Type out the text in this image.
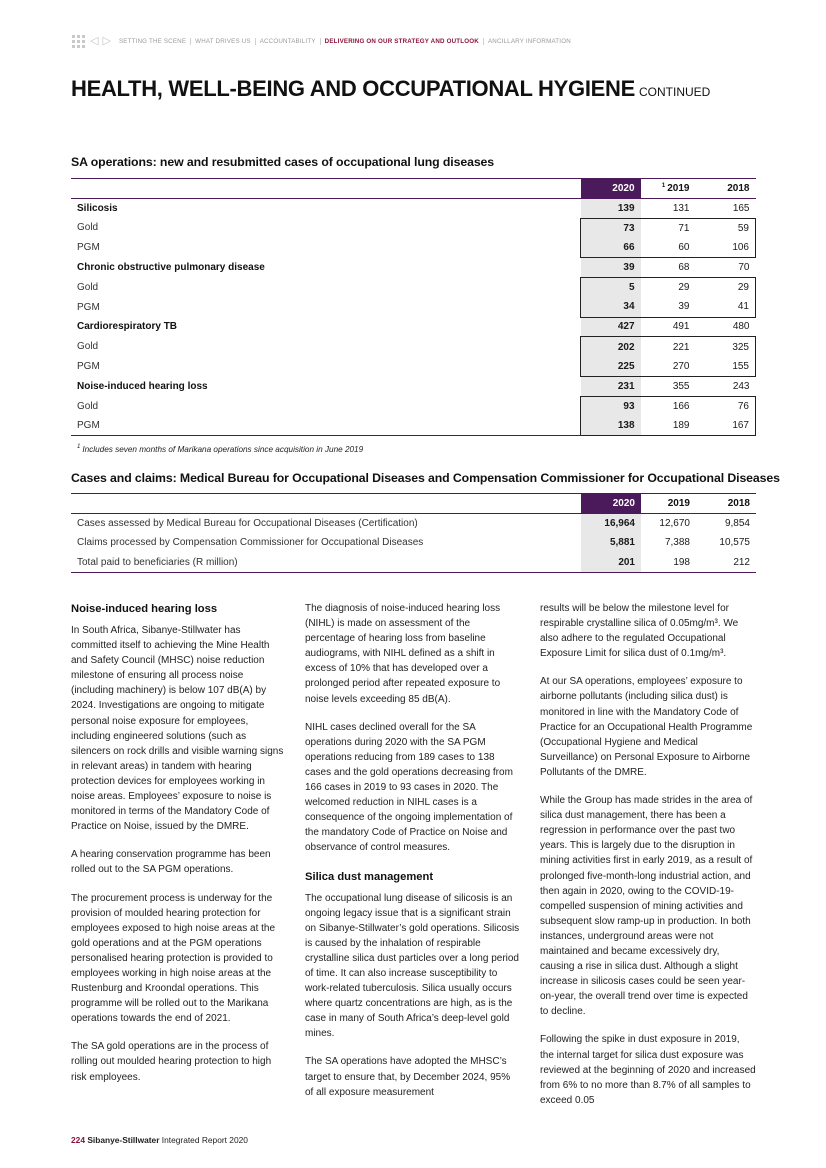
◁ ▷ SETTING THE SCENE	WHAT DRIVES US	ACCOUNTABILITY	DELIVERING ON OUR STRATEGY AND OUTLOOK	ANCILLARY INFORMATION
HEALTH, WELL-BEING AND OCCUPATIONAL HYGIENE CONTINUED
SA operations: new and resubmitted cases of occupational lung diseases
	2020	$^1$ 2019	2018
Silicosis	139	131	165
Gold	73	71	59
PGM	66	60	106
Chronic obstructive pulmonary disease	39	68	70
Gold	5	29	29
PGM	34	39	41
Cardiorespiratory TB	427	491	480
Gold	202	221	325
PGM	225	270	155
Noise-induced hearing loss	231	355	243
Gold	93	166	76
PGM	138	189	167
$^1$ Includes seven months of Marikana operations since acquisition in June 2019
Cases and claims: Medical Bureau for Occupational Diseases and Compensation Commissioner for Occupational Diseases
	2020	2019	2018
Cases assessed by Medical Bureau for Occupational Diseases (Certification)	16,964	12,670	9,854
Claims processed by Compensation Commissioner for Occupational Diseases	5,881	7,388	10,575
Total paid to beneficiaries (R million)	201	198	212
Noise-induced hearing loss

In South Africa, Sibanye-Stillwater has committed itself to achieving the Mine Health and Safety Council (MHSC) noise reduction milestone of ensuring all process noise (including machinery) is below 107 dB(A) by 2024. Investigations are ongoing to mitigate personal noise exposure for employees, including engineered solutions (such as silencers on rock drills and visible warning signs in relevant areas) in tandem with hearing protection devices for employees working in noise areas. Employees’ exposure to noise is monitored in terms of the Mandatory Code of Practice on Noise, issued by the DMRE.

A hearing conservation programme has been rolled out to the SA PGM operations.

The procurement process is underway for the provision of moulded hearing protection for employees exposed to high noise areas at the gold operations and at the PGM operations personalised hearing protection is provided to employees working in high noise areas at the Rustenburg and Kroondal operations. This programme will be rolled out to the Marikana operations towards the end of 2021.

The SA gold operations are in the process of rolling out moulded hearing protection to high risk employees.

The diagnosis of noise-induced hearing loss (NIHL) is made on assessment of the percentage of hearing loss from baseline audiograms, with NIHL defined as a shift in excess of 10% that has developed over a prolonged period after repeated exposure to noise levels exceeding 85 dB(A).

NIHL cases declined overall for the SA operations during 2020 with the SA PGM operations reducing from 189 cases to 138 cases and the gold operations decreasing from 166 cases in 2019 to 93 cases in 2020. The welcomed reduction in NIHL cases is a consequence of the ongoing implementation of the mandatory Code of Practice on Noise and observance of control measures.

Silica dust management

The occupational lung disease of silicosis is an ongoing legacy issue that is a significant strain on Sibanye-Stillwater’s gold operations. Silicosis is caused by the inhalation of respirable crystalline silica dust particles over a long period of time. It can also increase susceptibility to work-related tuberculosis. Silica usually occurs where quartz concentrations are high, as is the case in many of South Africa’s deep-level gold mines.

The SA operations have adopted the MHSC’s target to ensure that, by December 2024, 95% of all exposure measurement

results will be below the milestone level for respirable crystalline silica of 0.05mg/m³. We also adhere to the regulated Occupational Exposure Limit for silica dust of 0.1mg/m³.

At our SA operations, employees’ exposure to airborne pollutants (including silica dust) is monitored in line with the Mandatory Code of Practice for an Occupational Health Programme (Occupational Hygiene and Medical Surveillance) on Personal Exposure to Airborne Pollutants of the DMRE.

While the Group has made strides in the area of silica dust management, there has been a regression in performance over the past two years. This is largely due to the disruption in mining activities first in early 2019, as a result of prolonged five-month-long industrial action, and then again in 2020, owing to the COVID-19-compelled suspension of mining activities and subsequent slow ramp-up in production. In both instances, underground areas were not maintained and became excessively dry, causing a rise in silica dust. Although a slight increase in silicosis cases could be seen year-on-year, the overall trend over time is expected to decline.

Following the spike in dust exposure in 2019, the internal target for silica dust exposure was reviewed at the beginning of 2020 and increased from 6% to no more than 8.7% of all samples to exceed 0.05

224 Sibanye-Stillwater Integrated Report 2020
